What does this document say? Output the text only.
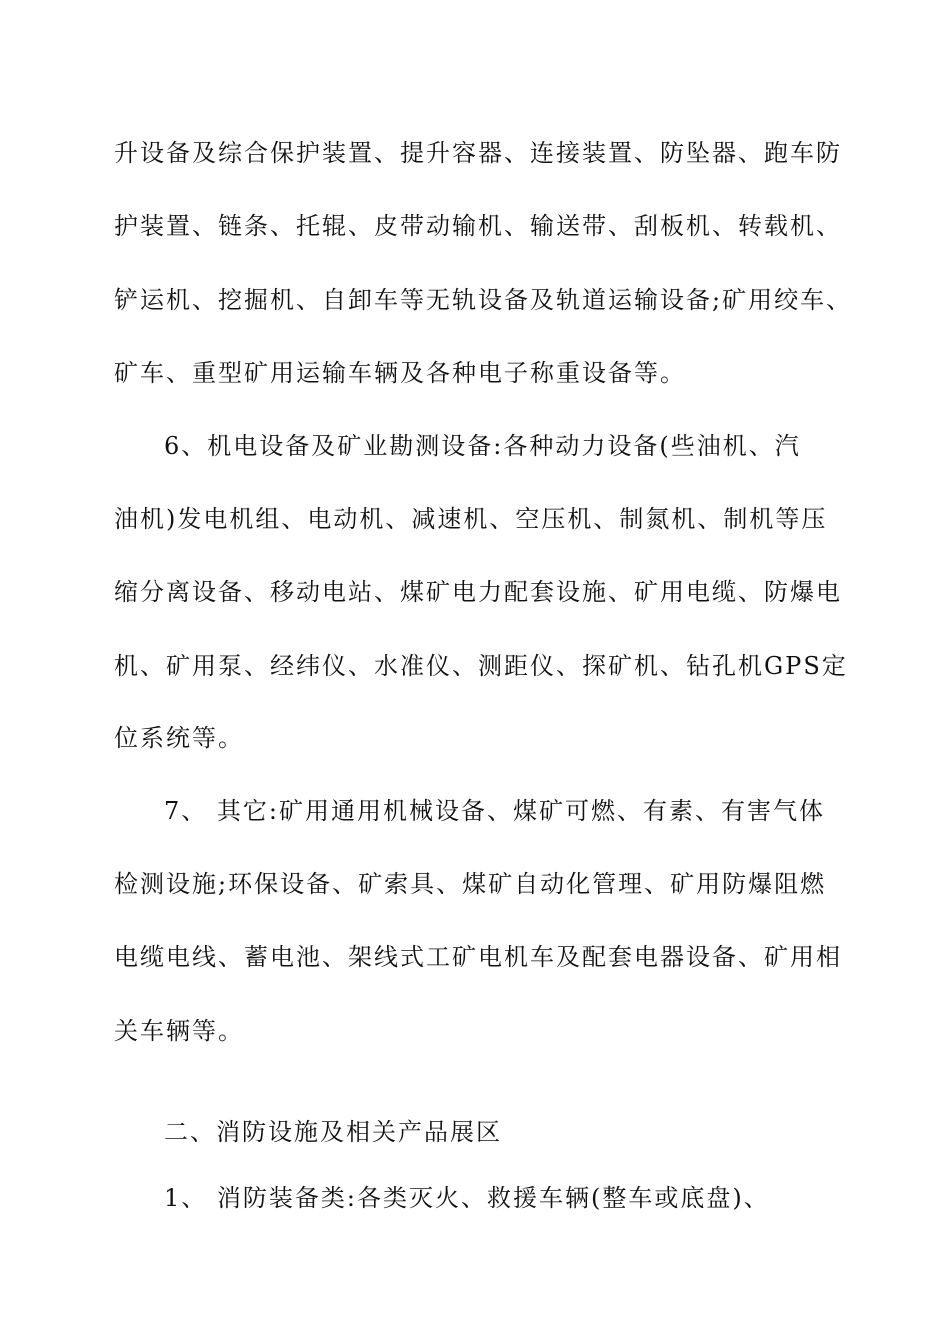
升设备及综合保护装置、提升容器、连接装置、防坠器、跑车防
护装置、链条、托辊、皮带动输机、输送带、刮板机、转载机、
铲运机、挖掘机、自卸车等无轨设备及轨道运输设备;矿用绞车、
矿车、重型矿用运输车辆及各种电子称重设备等。
6、机电设备及矿业勘测设备:各种动力设备(些油机、汽
油机)发电机组、电动机、减速机、空压机、制氮机、制机等压
缩分离设备、移动电站、煤矿电力配套设施、矿用电缆、防爆电
机、矿用泵、经纬仪、水准仪、测距仪、探矿机、钻孔机GPS定
位系统等。
7、 其它:矿用通用机械设备、煤矿可燃、有素、有害气体
检测设施;环保设备、矿索具、煤矿自动化管理、矿用防爆阻燃
电缆电线、蓄电池、架线式工矿电机车及配套电器设备、矿用相
关车辆等。
二、消防设施及相关产品展区
1、 消防装备类:各类灭火、救援车辆(整车或底盘)、
